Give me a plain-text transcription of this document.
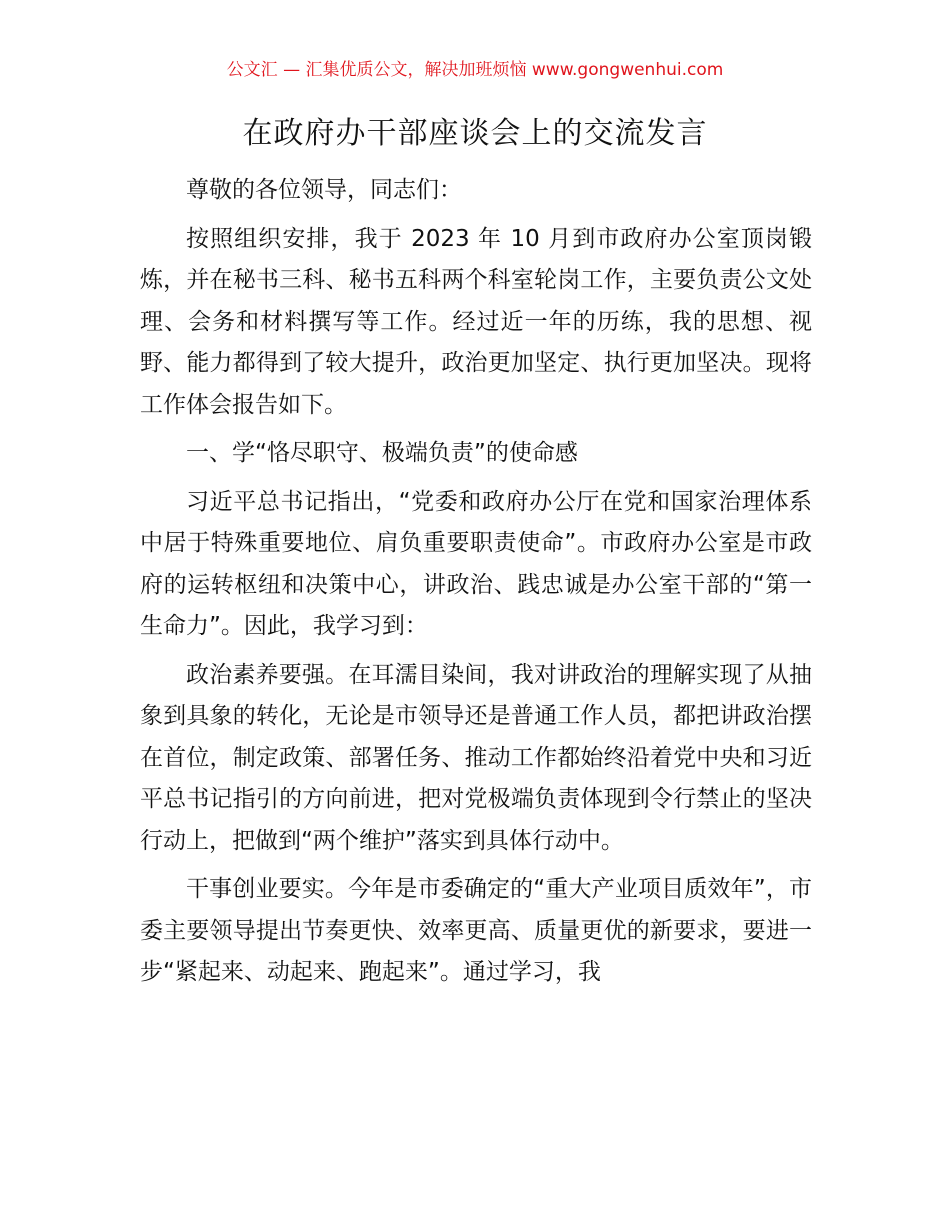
公文汇 — 汇集优质公文，解决加班烦恼 www.gongwenhui.com
在政府办干部座谈会上的交流发言

尊敬的各位领导，同志们：

按照组织安排，我于 2023 年 10 月到市政府办公室顶岗锻炼，并在秘书三科、秘书五科两个科室轮岗工作，主要负责公文处理、会务和材料撰写等工作。经过近一年的历练，我的思想、视野、能力都得到了较大提升，政治更加坚定、执行更加坚决。现将工作体会报告如下。

一、学“恪尽职守、极端负责”的使命感

习近平总书记指出，“党委和政府办公厅在党和国家治理体系中居于特殊重要地位、肩负重要职责使命”。市政府办公室是市政府的运转枢纽和决策中心，讲政治、践忠诚是办公室干部的“第一生命力”。因此，我学习到：

政治素养要强。在耳濡目染间，我对讲政治的理解实现了从抽象到具象的转化，无论是市领导还是普通工作人员，都把讲政治摆在首位，制定政策、部署任务、推动工作都始终沿着党中央和习近平总书记指引的方向前进，把对党极端负责体现到令行禁止的坚决行动上，把做到“两个维护”落实到具体行动中。

干事创业要实。今年是市委确定的“重大产业项目质效年”，市委主要领导提出节奏更快、效率更高、质量更优的新要求，要进一步“紧起来、动起来、跑起来”。通过学习，我
